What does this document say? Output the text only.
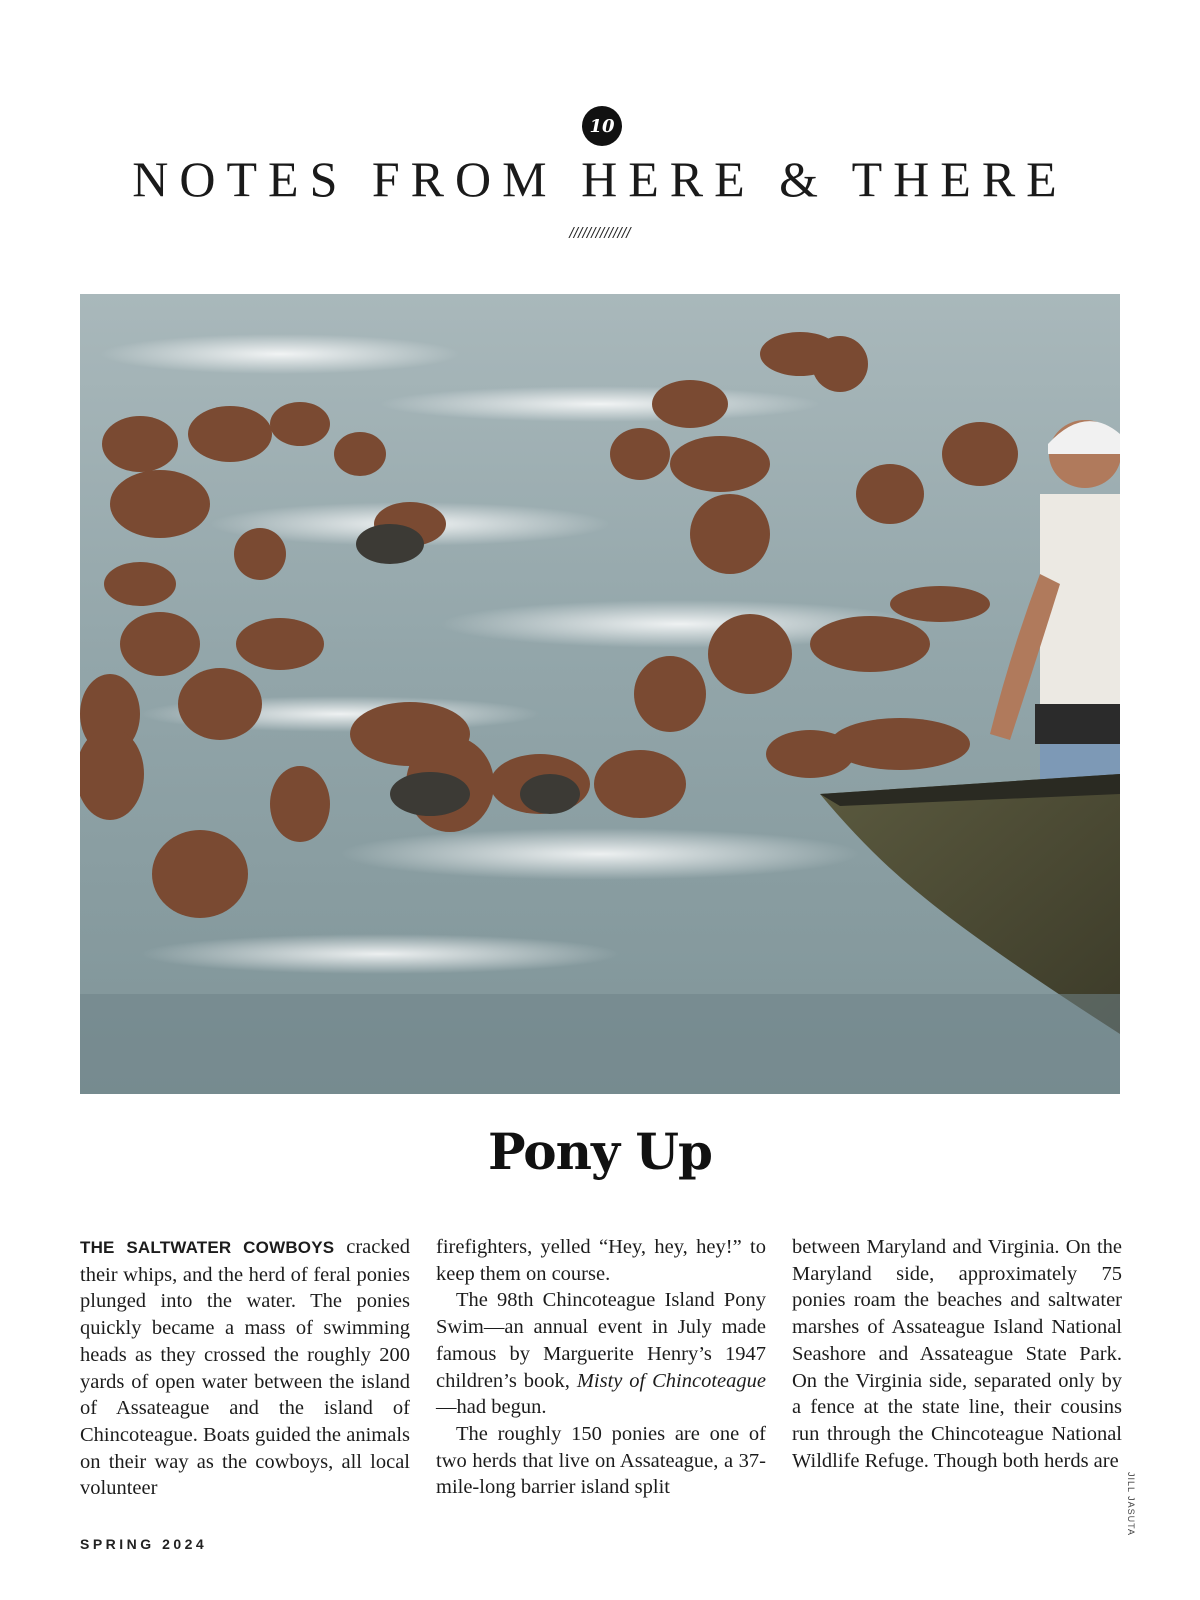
10
NOTES FROM HERE & THERE
//////////////
Pony Up

THE SALTWATER COWBOYS cracked their whips, and the herd of feral ponies plunged into the water. The ponies quickly became a mass of swimming heads as they crossed the roughly 200 yards of open water between the island of Assateague and the island of Chincoteague. Boats guided the animals on their way as the cowboys, all local volunteer

firefighters, yelled “Hey, hey, hey!” to keep them on course.

The 98th Chincoteague Island Pony Swim—an annual event in July made famous by Marguerite Henry’s 1947 children’s book, Misty of Chincoteague—had begun.

The roughly 150 ponies are one of two herds that live on Assateague, a 37-mile-long barrier island split

between Maryland and Virginia. On the Maryland side, approximately 75 ponies roam the beaches and saltwater marshes of Assateague Island National Seashore and Assateague State Park. On the Virginia side, separated only by a fence at the state line, their cousins run through the Chincoteague National Wildlife Refuge. Though both herds are

JILL JASUTA
SPRING 2024
